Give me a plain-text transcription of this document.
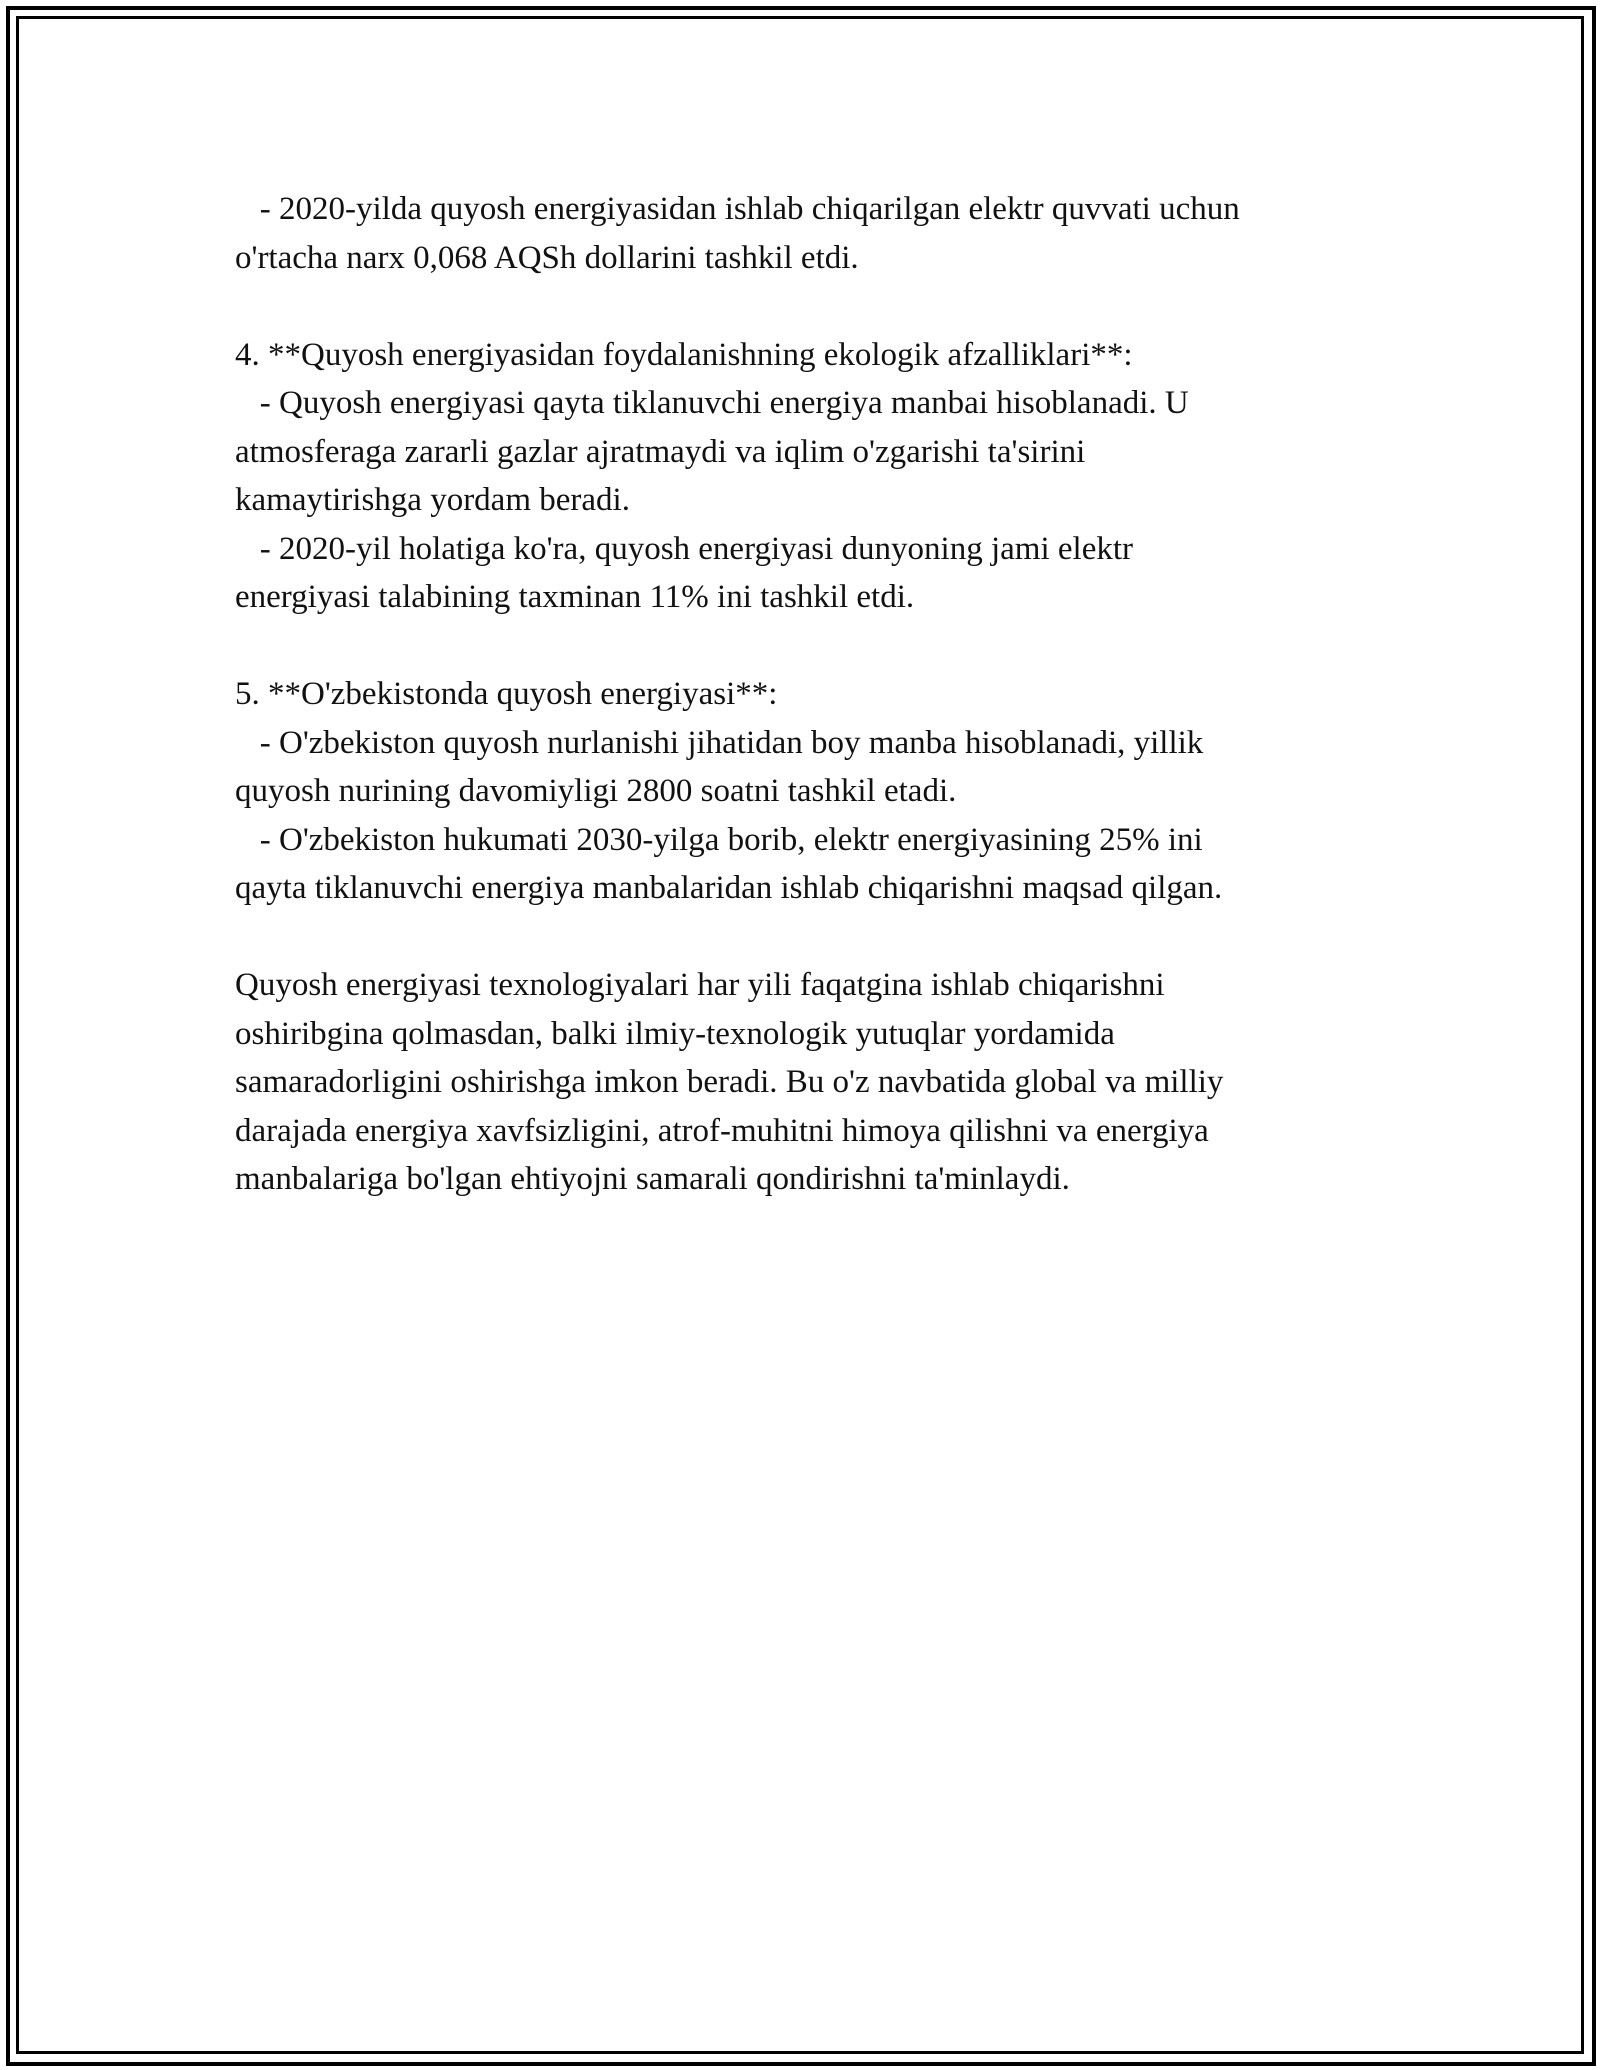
- 2020-yilda quyosh energiyasidan ishlab chiqarilgan elektr quvvati uchun
o'rtacha narx 0,068 AQSh dollarini tashkil etdi.
4. **Quyosh energiyasidan foydalanishning ekologik afzalliklari**:
- Quyosh energiyasi qayta tiklanuvchi energiya manbai hisoblanadi. U
atmosferaga zararli gazlar ajratmaydi va iqlim o'zgarishi ta'sirini
kamaytirishga yordam beradi.
- 2020-yil holatiga ko'ra, quyosh energiyasi dunyoning jami elektr
energiyasi talabining taxminan 11% ini tashkil etdi.
5. **O'zbekistonda quyosh energiyasi**:
- O'zbekiston quyosh nurlanishi jihatidan boy manba hisoblanadi, yillik
quyosh nurining davomiyligi 2800 soatni tashkil etadi.
- O'zbekiston hukumati 2030-yilga borib, elektr energiyasining 25% ini
qayta tiklanuvchi energiya manbalaridan ishlab chiqarishni maqsad qilgan.
Quyosh energiyasi texnologiyalari har yili faqatgina ishlab chiqarishni
oshiribgina qolmasdan, balki ilmiy-texnologik yutuqlar yordamida
samaradorligini oshirishga imkon beradi. Bu o'z navbatida global va milliy
darajada energiya xavfsizligini, atrof-muhitni himoya qilishni va energiya
manbalariga bo'lgan ehtiyojni samarali qondirishni ta'minlaydi.
